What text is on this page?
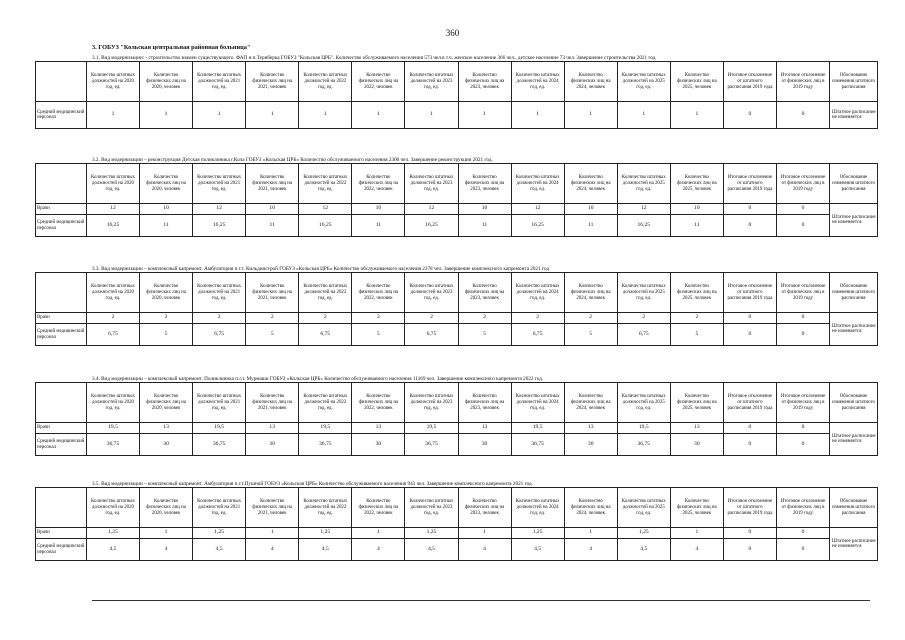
360
3. ГОБУЗ "Кольская центральная районная больница"
3.1. Вид модернизации: - строительство взамен существующего. ФАП н.п.Териберка ГОБУЗ "Кольская ЦРБ". Количество обслуживаемого населения 573 чел.в т.ч. женское население 366 чел., детское население 73 чел. Завершение строительства 2021 год
	Количество штатных должностей на 2020 год, ед.	Количество физических лиц на 2020, человек	Количество штатных должностей на 2021 год, ед.	Количество физических лиц на 2021, человек	Количество штатных должностей на 2022 год, ед.	Количество физических лиц на 2022, человек	Количество штатных должностей на 2023 год, ед.	Количество физических лиц на 2023, человек	Количество штатных должностей на 2024 год, ед.	Количество физических лиц на 2024, человек	Количество штатных должностей на 2025 год, ед.	Количество физических лиц на 2025, человек	Итоговое отклонение от штатного расписания 2019 года	Итоговое отклонение от физических лиц в 2019 году	Обоснование изменения штатного расписания
Средний медицинский персонал	1	1	1	1	1	1	1	1	1	1	1	1	0	0	Штатное расписание не изменяется
3.2. Вид модернизации – реконструкция Детская поликлиника г.Кола ГОБУЗ «Кольская ЦРБ» Количество обслуживаемого населения 2300 чел. Завершение реконструкции 2021 год.
	Количество штатных должностей на 2020 год, ед.	Количество физических лиц на 2020, человек	Количество штатных должностей на 2021 год, ед.	Количество физических лиц на 2021, человек	Количество штатных должностей на 2022 год, ед.	Количество физических лиц на 2022, человек	Количество штатных должностей на 2023 год, ед.	Количество физических лиц на 2023, человек	Количество штатных должностей на 2024 год, ед.	Количество физических лиц на 2024, человек	Количество штатных должностей на 2025 год, ед.	Количество физических лиц на 2025, человек	Итоговое отклонение от штатного расписания 2019 года	Итоговое отклонение от физических лиц в 2019 году	Обоснование изменения штатного расписания
Врачи	12	10	12	10	12	10	12	10	12	10	12	10	0	0	Штатное расписание не изменяется
Средний медицинский персонал	16,25	11	16,25	11	16,25	11	16,25	11	16,25	11	16,25	11	0	0	
3.3. Вид модернизации – комплексный капремонт. Амбулатория п.г.т. Кильдинстрой ГОБУЗ «Кольская ЦРБ» Количество обслуживаемого населения 2378 чел. Завершение комплексного капремонта 2021 год
	Количество штатных должностей на 2020 год, ед.	Количество физических лиц на 2020, человек	Количество штатных должностей на 2021 год, ед.	Количество физических лиц на 2021, человек	Количество штатных должностей на 2022 год, ед.	Количество физических лиц на 2022, человек	Количество штатных должностей на 2023 год, ед.	Количество физических лиц на 2023, человек	Количество штатных должностей на 2024 год, ед.	Количество физических лиц на 2024, человек	Количество штатных должностей на 2025 год, ед.	Количество физических лиц на 2025, человек	Итоговое отклонение от штатного расписания 2019 года	Итоговое отклонение от физических лиц в 2019 году	Обоснование изменения штатного расписания
Врачи	2	2	2	2	2	2	2	2	2	2	2	2	0	0	Штатное расписание не изменяется
Средний медицинский персонал	6,75	5	6,75	5	6,75	5	6,75	5	6,75	5	6,75	5	0	0	
3.4. Вид модернизации – комплексный капремонт. Поликлиника п.г.т. Мурмаши ГОБУЗ «Кольская ЦРБ» Количество обслуживаемого населения 11169 чел. Завершение комплексного капремонта 2022 год.
	Количество штатных должностей на 2020 год, ед.	Количество физических лиц на 2020, человек	Количество штатных должностей на 2021 год, ед.	Количество физических лиц на 2021, человек	Количество штатных должностей на 2022 год, ед.	Количество физических лиц на 2022, человек	Количество штатных должностей на 2023 год, ед.	Количество физических лиц на 2023, человек	Количество штатных должностей на 2024 год, ед.	Количество физических лиц на 2024, человек	Количество штатных должностей на 2025 год, ед.	Количество физических лиц на 2025, человек	Итоговое отклонение от штатного расписания 2019 года	Итоговое отклонение от физических лиц в 2019 году	Обоснование изменения штатного расписания
Врачи	19,5	13	19,5	13	19,5	13	19,5	13	19,5	13	19,5	13	0	0	Штатное расписание не изменяется
Средний медицинский персонал	36,75	30	36,75	30	36,75	30	36,75	30	36,75	30	36,75	30	0	0	
3.5. Вид модернизации – комплексный капремонт. Амбулатория п.г.т.Пушной ГОБУЗ «Кольская ЦРБ» Количество обслуживаемого населения 943 чел. Завершение комплексного капремонта 2021 год.
	Количество штатных должностей на 2020 год, ед.	Количество физических лиц на 2020, человек	Количество штатных должностей на 2021 год, ед.	Количество физических лиц на 2021, человек	Количество штатных должностей на 2022 год, ед.	Количество физических лиц на 2022, человек	Количество штатных должностей на 2023 год, ед.	Количество физических лиц на 2023, человек	Количество штатных должностей на 2024 год, ед.	Количество физических лиц на 2024, человек	Количество штатных должностей на 2025 год, ед.	Количество физических лиц на 2025, человек	Итоговое отклонение от штатного расписания 2019 года	Итоговое отклонение от физических лиц в 2019 году	Обоснование изменения штатного расписания
Врачи	1,25	1	1,25	1	1,25	1	1,25	1	1,25	1	1,25	1	0	0	Штатное расписание не изменяется
Средний медицинский персонал	4,5	4	4,5	4	4,5	4	4,5	4	4,5	4	4,5	4	0	0	
